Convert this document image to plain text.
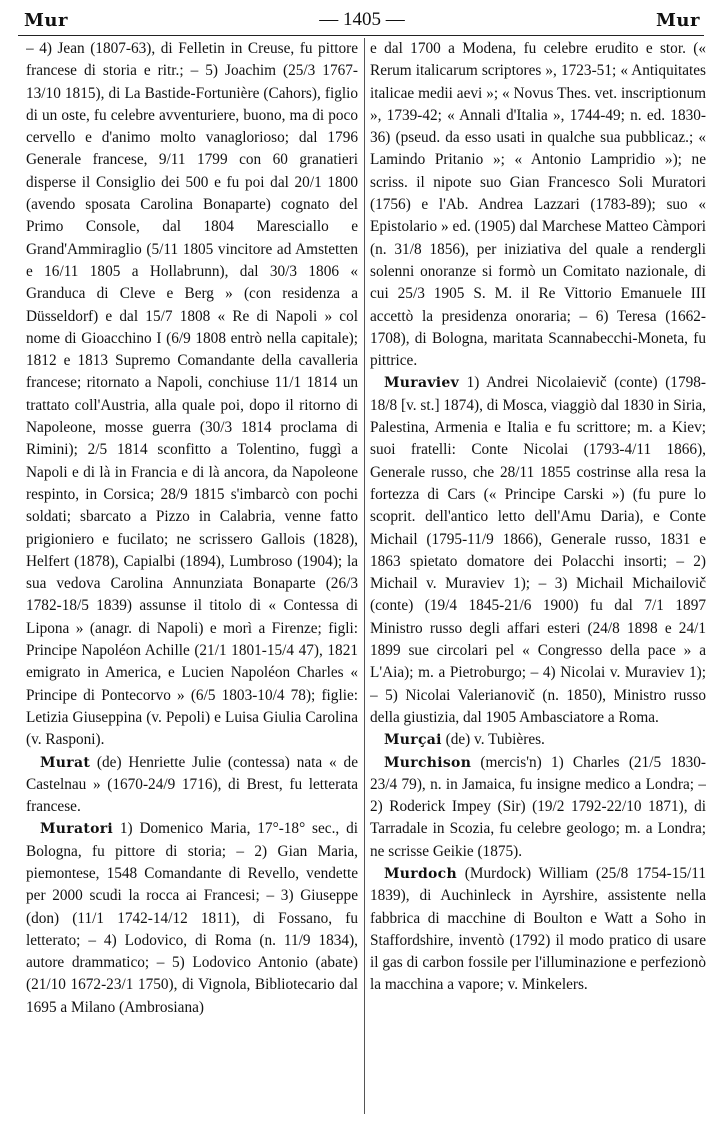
Mur	— 1405 —	Mur

– 4) Jean (1807-63), di Felletin in Creuse, fu pittore francese di storia e ritr.; – 5) Joachim (25/3 1767-13/10 1815), di La Bastide-Fortunière (Cahors), figlio di un oste, fu celebre avventuriere, buono, ma di poco cervello e d'animo molto vanaglorioso; dal 1796 Generale francese, 9/11 1799 con 60 granatieri disperse il Consiglio dei 500 e fu poi dal 20/1 1800 (avendo sposata Carolina Bonaparte) cognato del Primo Console, dal 1804 Maresciallo e Grand'Ammiraglio (5/11 1805 vincitore ad Amstetten e 16/11 1805 a Hollabrunn), dal 30/3 1806 « Granduca di Cleve e Berg » (con residenza a Düsseldorf) e dal 15/7 1808 « Re di Napoli » col nome di Gioacchino I (6/9 1808 entrò nella capitale); 1812 e 1813 Supremo Comandante della cavalleria francese; ritornato a Napoli, conchiuse 11/1 1814 un trattato coll'Austria, alla quale poi, dopo il ritorno di Napoleone, mosse guerra (30/3 1814 proclama di Rimini); 2/5 1814 sconfitto a Tolentino, fuggì a Napoli e di là in Francia e di là ancora, da Napoleone respinto, in Corsica; 28/9 1815 s'imbarcò con pochi soldati; sbarcato a Pizzo in Calabria, venne fatto prigioniero e fucilato; ne scrissero Gallois (1828), Helfert (1878), Capialbi (1894), Lumbroso (1904); la sua vedova Carolina Annunziata Bonaparte (26/3 1782-18/5 1839) assunse il titolo di « Contessa di Lipona » (anagr. di Napoli) e morì a Firenze; figli: Principe Napoléon Achille (21/1 1801-15/4 47), 1821 emigrato in America, e Lucien Napoléon Charles « Principe di Pontecorvo » (6/5 1803-10/4 78); figlie: Letizia Giuseppina (v. Pepoli) e Luisa Giulia Carolina (v. Rasponi).

Murat (de) Henriette Julie (contessa) nata « de Castelnau » (1670-24/9 1716), di Brest, fu letterata francese.

Muratori 1) Domenico Maria, 17°-18° sec., di Bologna, fu pittore di storia; – 2) Gian Maria, piemontese, 1548 Comandante di Revello, vendette per 2000 scudi la rocca ai Francesi; – 3) Giuseppe (don) (11/1 1742-14/12 1811), di Fossano, fu letterato; – 4) Lodovico, di Roma (n. 11/9 1834), autore drammatico; – 5) Lodovico Antonio (abate) (21/10 1672-23/1 1750), di Vignola, Bibliotecario dal 1695 a Milano (Ambrosiana)

e dal 1700 a Modena, fu celebre erudito e stor. (« Rerum italicarum scriptores », 1723-51; « Antiquitates italicae medii aevi »; « Novus Thes. vet. inscriptionum », 1739-42; « Annali d'Italia », 1744-49; n. ed. 1830-36) (pseud. da esso usati in qualche sua pubblicaz.; « Lamindo Pritanio »; « Antonio Lampridio »); ne scriss. il nipote suo Gian Francesco Soli Muratori (1756) e l'Ab. Andrea Lazzari (1783-89); suo « Epistolario » ed. (1905) dal Marchese Matteo Càmpori (n. 31/8 1856), per iniziativa del quale a rendergli solenni onoranze si formò un Comitato nazionale, di cui 25/3 1905 S. M. il Re Vittorio Emanuele III accettò la presidenza onoraria; – 6) Teresa (1662-1708), di Bologna, maritata Scannabecchi-Moneta, fu pittrice.

Muraviev 1) Andrei Nicolaievič (conte) (1798-18/8 [v. st.] 1874), di Mosca, viaggiò dal 1830 in Siria, Palestina, Armenia e Italia e fu scrittore; m. a Kiev; suoi fratelli: Conte Nicolai (1793-4/11 1866), Generale russo, che 28/11 1855 costrinse alla resa la fortezza di Cars (« Principe Carski ») (fu pure lo scoprit. dell'antico letto dell'Amu Daria), e Conte Michail (1795-11/9 1866), Generale russo, 1831 e 1863 spietato domatore dei Polacchi insorti; – 2) Michail v. Muraviev 1); – 3) Michail Michailovič (conte) (19/4 1845-21/6 1900) fu dal 7/1 1897 Ministro russo degli affari esteri (24/8 1898 e 24/1 1899 sue circolari pel « Congresso della pace » a L'Aia); m. a Pietroburgo; – 4) Nicolai v. Muraviev 1); – 5) Nicolai Valerianovič (n. 1850), Ministro russo della giustizia, dal 1905 Ambasciatore a Roma.

Murçai (de) v. Tubières.

Murchison (mercis'n) 1) Charles (21/5 1830-23/4 79), n. in Jamaica, fu insigne medico a Londra; – 2) Roderick Impey (Sir) (19/2 1792-22/10 1871), di Tarradale in Scozia, fu celebre geologo; m. a Londra; ne scrisse Geikie (1875).

Murdoch (Murdock) William (25/8 1754-15/11 1839), di Auchinleck in Ayrshire, assistente nella fabbrica di macchine di Boulton e Watt a Soho in Staffordshire, inventò (1792) il modo pratico di usare il gas di carbon fossile per l'illuminazione e perfezionò la macchina a vapore; v. Minkelers.
